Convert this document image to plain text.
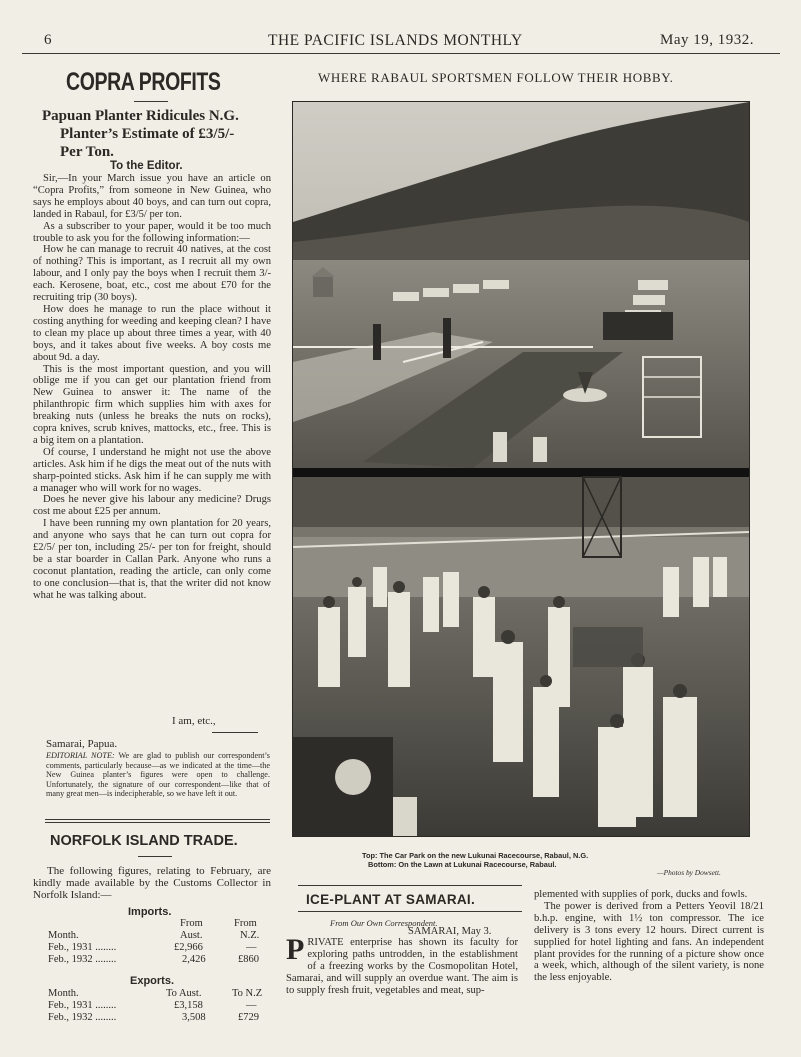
6	THE PACIFIC ISLANDS MONTHLY	May 19, 1932.
COPRA PROFITS
Papuan Planter Ridicules N.G.
Planter’s Estimate of £3/5/-
Per Ton.
To the Editor.

Sir,—In your March issue you have an article on “Copra Profits,” from someone in New Guinea, who says he employs about 40 boys, and can turn out copra, landed in Rabaul, for £3/5/ per ton.

As a subscriber to your paper, would it be too much trouble to ask you for the following information:—

How he can manage to recruit 40 natives, at the cost of nothing? This is important, as I recruit all my own labour, and I only pay the boys when I recruit them 3/- each. Kerosene, boat, etc., cost me about £70 for the recruiting trip (30 boys).

How does he manage to run the place without it costing anything for weeding and keeping clean? I have to clean my place up about three times a year, with 40 boys, and it takes about five weeks. A boy costs me about 9d. a day.

This is the most important question, and you will oblige me if you can get our plantation friend from New Guinea to answer it: The name of the philanthropic firm which supplies him with axes for breaking nuts (unless he breaks the nuts on rocks), copra knives, scrub knives, mattocks, etc., free. This is a big item on a plantation.

Of course, I understand he might not use the above articles. Ask him if he digs the meat out of the nuts with sharp-pointed sticks. Ask him if he can supply me with a manager who will work for no wages.

Does he never give his labour any medicine? Drugs cost me about £25 per annum.

I have been running my own plantation for 20 years, and anyone who says that he can turn out copra for £2/5/ per ton, including 25/- per ton for freight, should be a star boarder in Callan Park. Anyone who runs a coconut plantation, reading the article, can only come to one conclusion—that is, that the writer did not know what he was talking about.

I am, etc.,
Samarai, Papua.
EDITORIAL NOTE: We are glad to publish our correspondent’s comments, particularly because—as we indicated at the time—the New Guinea planter’s figures were open to challenge. Unfortunately, the signature of our correspondent—like that of many great men—is indecipherable, so we have left it out.
NORFOLK ISLAND TRADE.

The following figures, relating to February, are kindly made available by the Customs Collector in Norfolk Island:—

Imports.
From	From
Month.	Aust.	N.Z.
Feb., 1931 ........	£2,966	—
Feb., 1932 ........	2,426	£860
Exports.
Month.	To Aust.	To N.Z
Feb., 1931 ........	£3,158	—
Feb., 1932 ........	3,508	£729
WHERE RABAUL SPORTSMEN FOLLOW THEIR HOBBY.
Top: The Car Park on the new Lukunai Racecourse, Rabaul, N.G.
Bottom: On the Lawn at Lukunai Racecourse, Rabaul.
—Photos by Dowsett.
ICE-PLANT AT SAMARAI.
From Our Own Correspondent.
SAMARAI, May 3.
PRIVATE enterprise has shown its faculty for exploring paths untrodden, in the establishment of a freezing works by the Cosmopolitan Hotel, Samarai, and will supply an overdue want. The aim is to supply fresh fruit, vegetables and meat, sup-

plemented with supplies of pork, ducks and fowls.

The power is derived from a Petters Yeovil 18/21 b.h.p. engine, with 1½ ton compressor. The ice delivery is 3 tons every 12 hours. Direct current is supplied for hotel lighting and fans. An independent plant provides for the running of a picture show once a week, which, although of the silent variety, is none the less enjoyable.
